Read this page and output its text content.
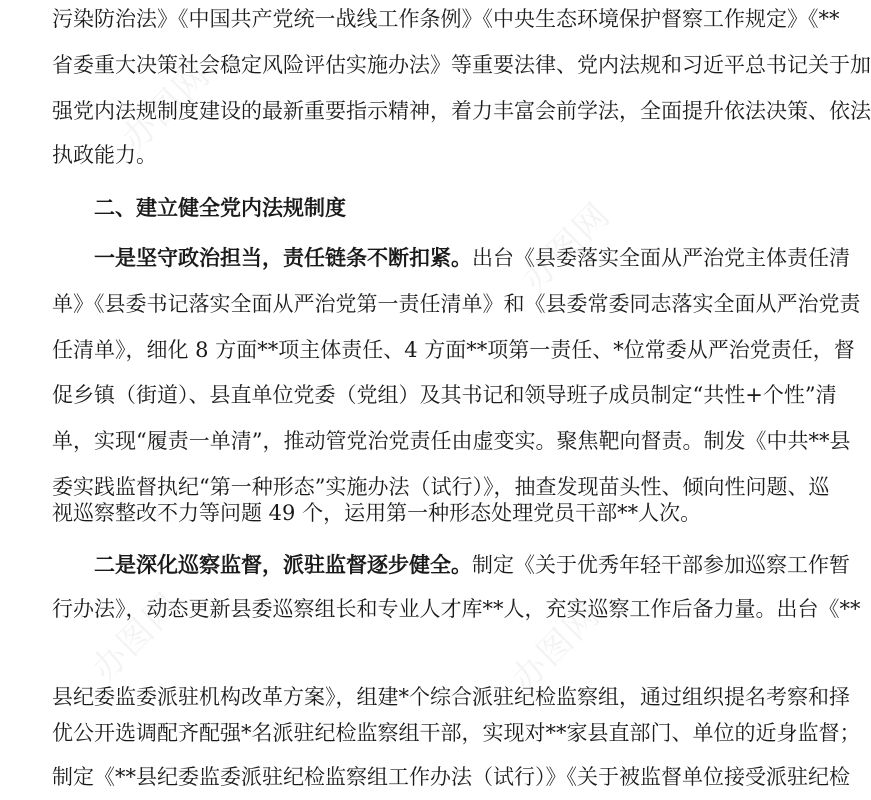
办图网
办图网
办图网	办图网
污染防治法》《中国共产党统一战线工作条例》《中央生态环境保护督察工作规定》《**
省委重大决策社会稳定风险评估实施办法》等重要法律、党内法规和习近平总书记关于加
强党内法规制度建设的最新重要指示精神，着力丰富会前学法，全面提升依法决策、依法
执政能力。
二、建立健全党内法规制度
一是坚守政治担当，责任链条不断扣紧。出台《县委落实全面从严治党主体责任清
单》《县委书记落实全面从严治党第一责任清单》和《县委常委同志落实全面从严治党责
任清单》，细化 8 方面**项主体责任、4 方面**项第一责任、*位常委从严治党责任，督
促乡镇（街道）、县直单位党委（党组）及其书记和领导班子成员制定“共性+个性”清
单，实现“履责一单清”，推动管党治党责任由虚变实。聚焦靶向督责。制发《中共**县
委实践监督执纪“第一种形态”实施办法（试行）》，抽查发现苗头性、倾向性问题、巡
视巡察整改不力等问题 49 个，运用第一种形态处理党员干部**人次。
二是深化巡察监督，派驻监督逐步健全。制定《关于优秀年轻干部参加巡察工作暂
行办法》，动态更新县委巡察组长和专业人才库**人，充实巡察工作后备力量。出台《**
县纪委监委派驻机构改革方案》，组建*个综合派驻纪检监察组，通过组织提名考察和择
优公开选调配齐配强*名派驻纪检监察组干部，实现对**家县直部门、单位的近身监督；
制定《**县纪委监委派驻纪检监察组工作办法（试行）》《关于被监督单位接受派驻纪检
